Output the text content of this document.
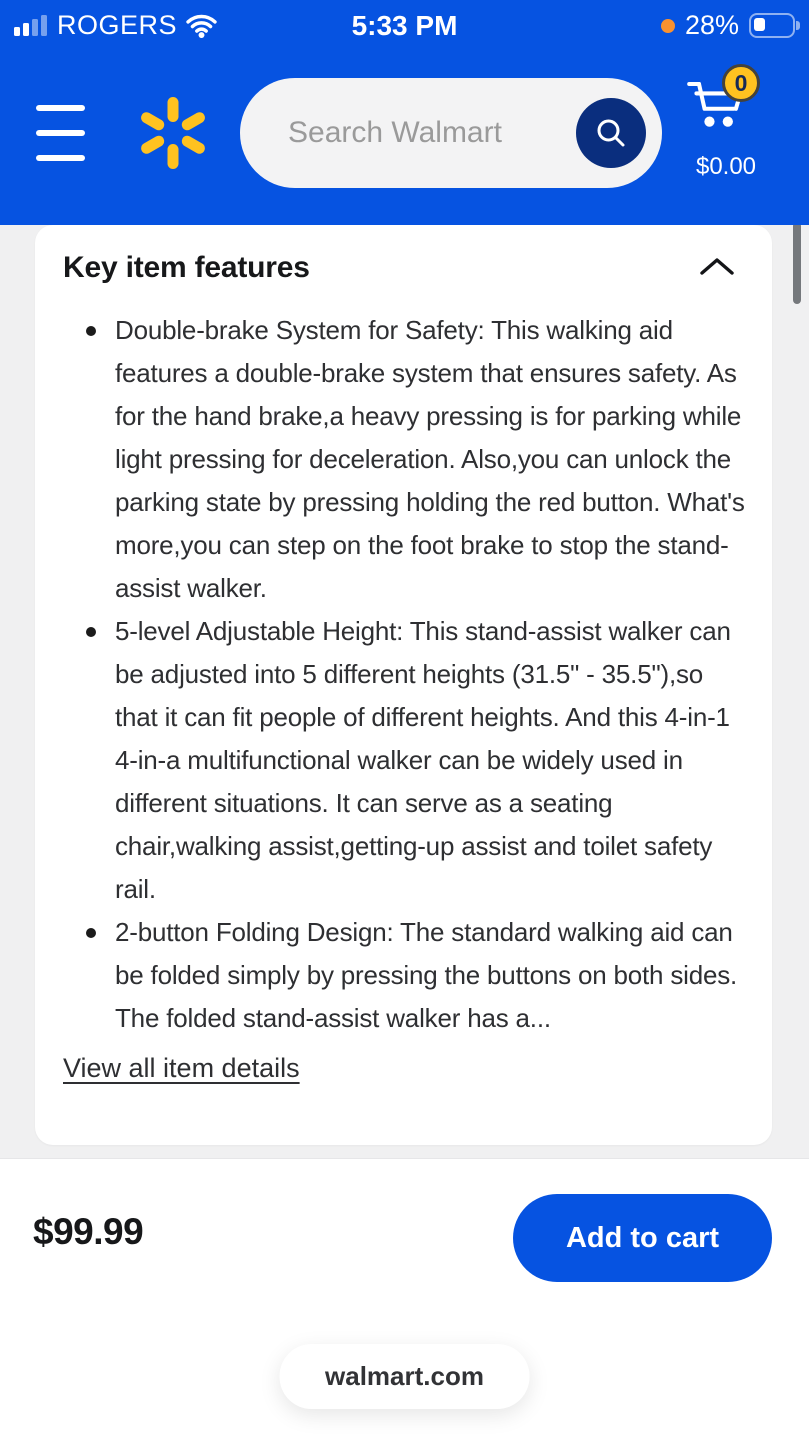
ROGERS	5:33 PM	28%
Search Walmart
0
$0.00
Key item features
Double-brake System for Safety: This walking aid features a double-brake system that ensures safety. As for the hand brake,a heavy pressing is for parking while light pressing for deceleration. Also,you can unlock the parking state by pressing holding the red button. What's more,you can step on the foot brake to stop the stand-assist walker.
5-level Adjustable Height: This stand-assist walker can be adjusted into 5 different heights (31.5" - 35.5"),so that it can fit people of different heights. And this 4-in-1 4-in-a multifunctional walker can be widely used in different situations. It can serve as a seating chair,walking assist,getting-up assist and toilet safety rail.
2-button Folding Design: The standard walking aid can be folded simply by pressing the buttons on both sides. The folded stand-assist walker has a...
View all item details
$99.99	Add to cart
walmart.com
